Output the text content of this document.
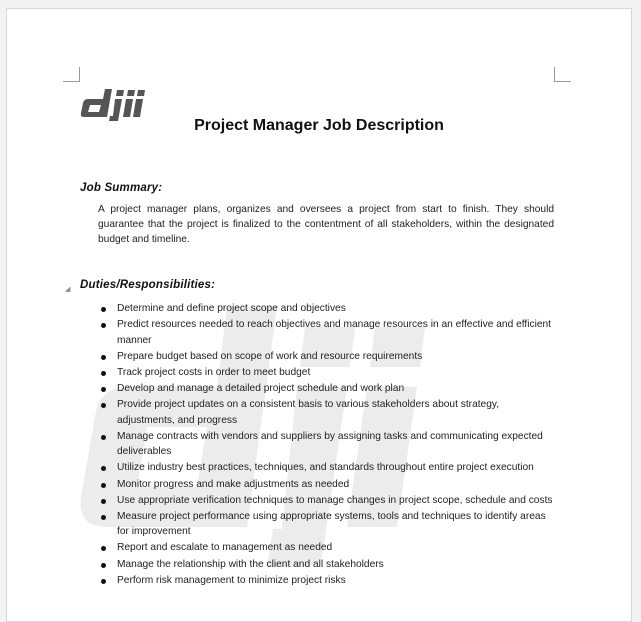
Project Manager Job Description
Job Summary:
A project manager plans, organizes and oversees a project from start to finish. They should guarantee that the project is finalized to the contentment of all stakeholders, within the designated budget and timeline.
◢ Duties/Responsibilities:
Determine and define project scope and objectives
Predict resources needed to reach objectives and manage resources in an effective and efficient manner
Prepare budget based on scope of work and resource requirements
Track project costs in order to meet budget
Develop and manage a detailed project schedule and work plan
Provide project updates on a consistent basis to various stakeholders about strategy, adjustments, and progress
Manage contracts with vendors and suppliers by assigning tasks and communicating expected deliverables
Utilize industry best practices, techniques, and standards throughout entire project execution
Monitor progress and make adjustments as needed
Use appropriate verification techniques to manage changes in project scope, schedule and costs
Measure project performance using appropriate systems, tools and techniques to identify areas for improvement
Report and escalate to management as needed
Manage the relationship with the client and all stakeholders
Perform risk management to minimize project risks
